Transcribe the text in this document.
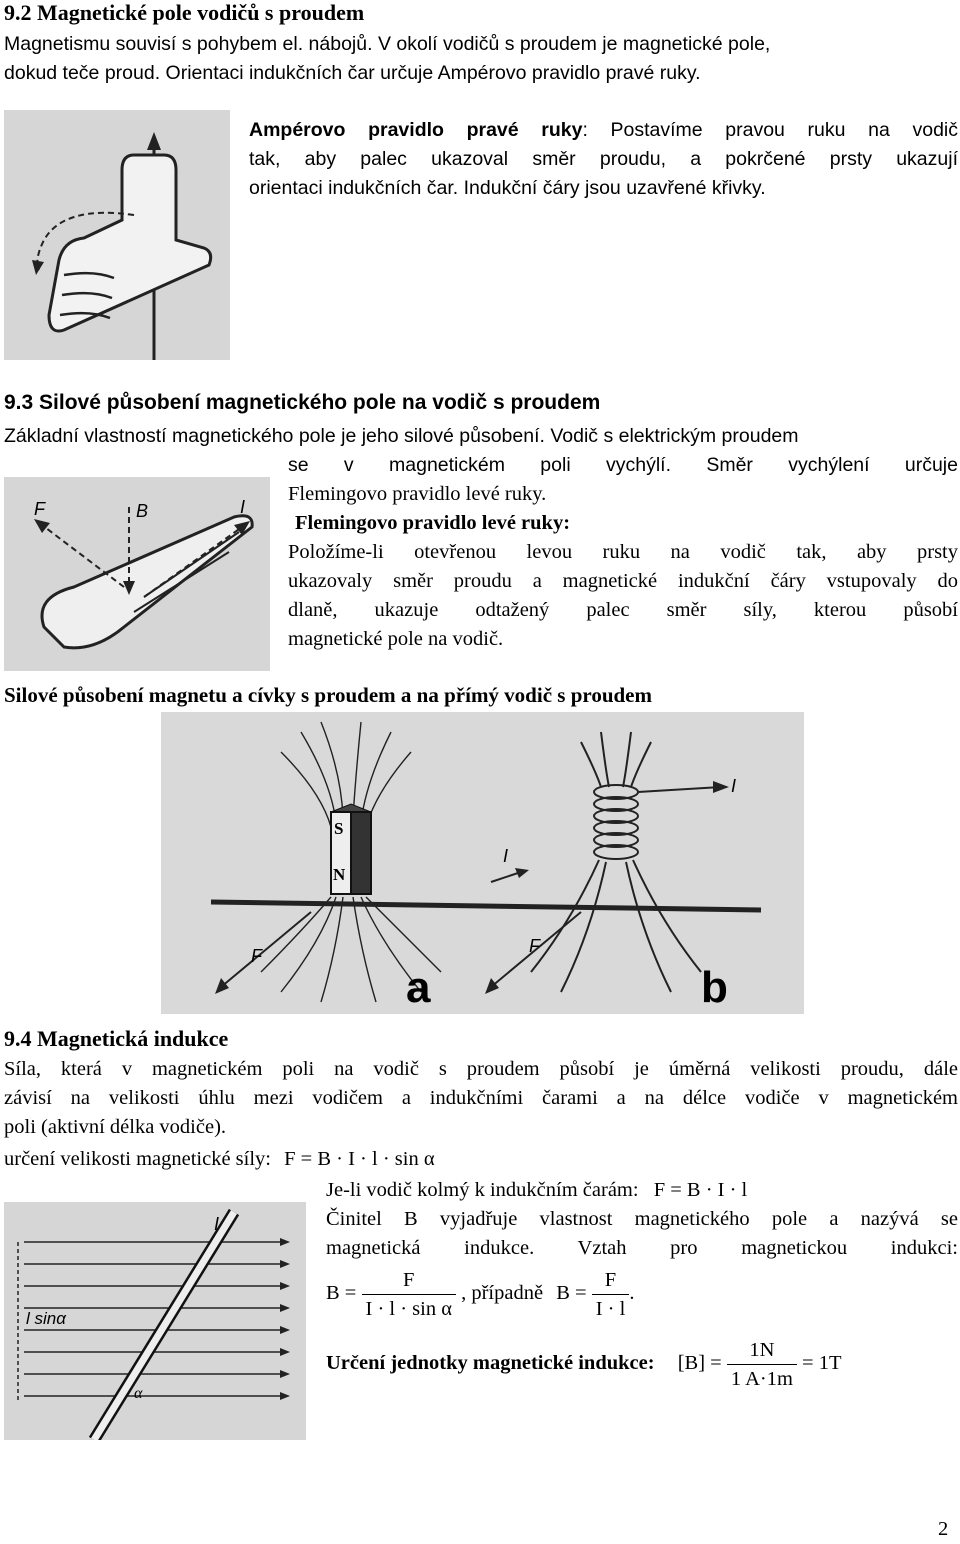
9.2 Magnetické pole vodičů s proudem
Magnetismu souvisí s pohybem el. nábojů. V okolí vodičů s proudem je magnetické pole,
dokud teče proud. Orientaci indukčních čar určuje Ampérovo pravidlo pravé ruky.
Ampérovo pravidlo pravé ruky: Postavíme pravou ruku na vodič
tak, aby palec ukazoval směr proudu, a pokrčené prsty ukazují
orientaci indukčních čar. Indukční čáry jsou uzavřené křivky.
9.3 Silové působení magnetického pole na vodič s proudem
Základní vlastností magnetického pole je jeho silové působení. Vodič s elektrickým proudem
se v magnetickém poli vychýlí. Směr vychýlení určuje
Flemingovo pravidlo levé ruky.
F	B	I
Flemingovo pravidlo levé ruky:
Položíme-li otevřenou levou ruku na vodič tak, aby prsty
ukazovaly směr proudu a magnetické indukční čáry vstupovaly do
dlaně, ukazuje odtažený palec směr síly, kterou působí
magnetické pole na vodič.
Silové působení magnetu a cívky s proudem a na přímý vodič s proudem
S
N
I
I
F	F
a	b
9.4 Magnetická indukce
Síla, která v magnetickém poli na vodič s proudem působí je úměrná velikosti proudu, dále
závisí na velikosti úhlu mezi vodičem a indukčními čarami a na délce vodiče v magnetickém
poli (aktivní délka vodiče).
určení velikosti magnetické síly: F = B · I · l · sin α
Je-li vodič kolmý k indukčním čarám: F = B · I · l
I
l sinα
α
Činitel B vyjadřuje vlastnost magnetického pole a nazývá se
magnetická indukce. Vztah pro magnetickou indukci:
$B = \frac{F}{\text{I · l · sin α}}$ , případně $B = \frac{F}{I \cdot l}$ .
Určení jednotky magnetické indukce: $[B] = \frac{1N}{1 A\cdot 1m} = 1T$
2
